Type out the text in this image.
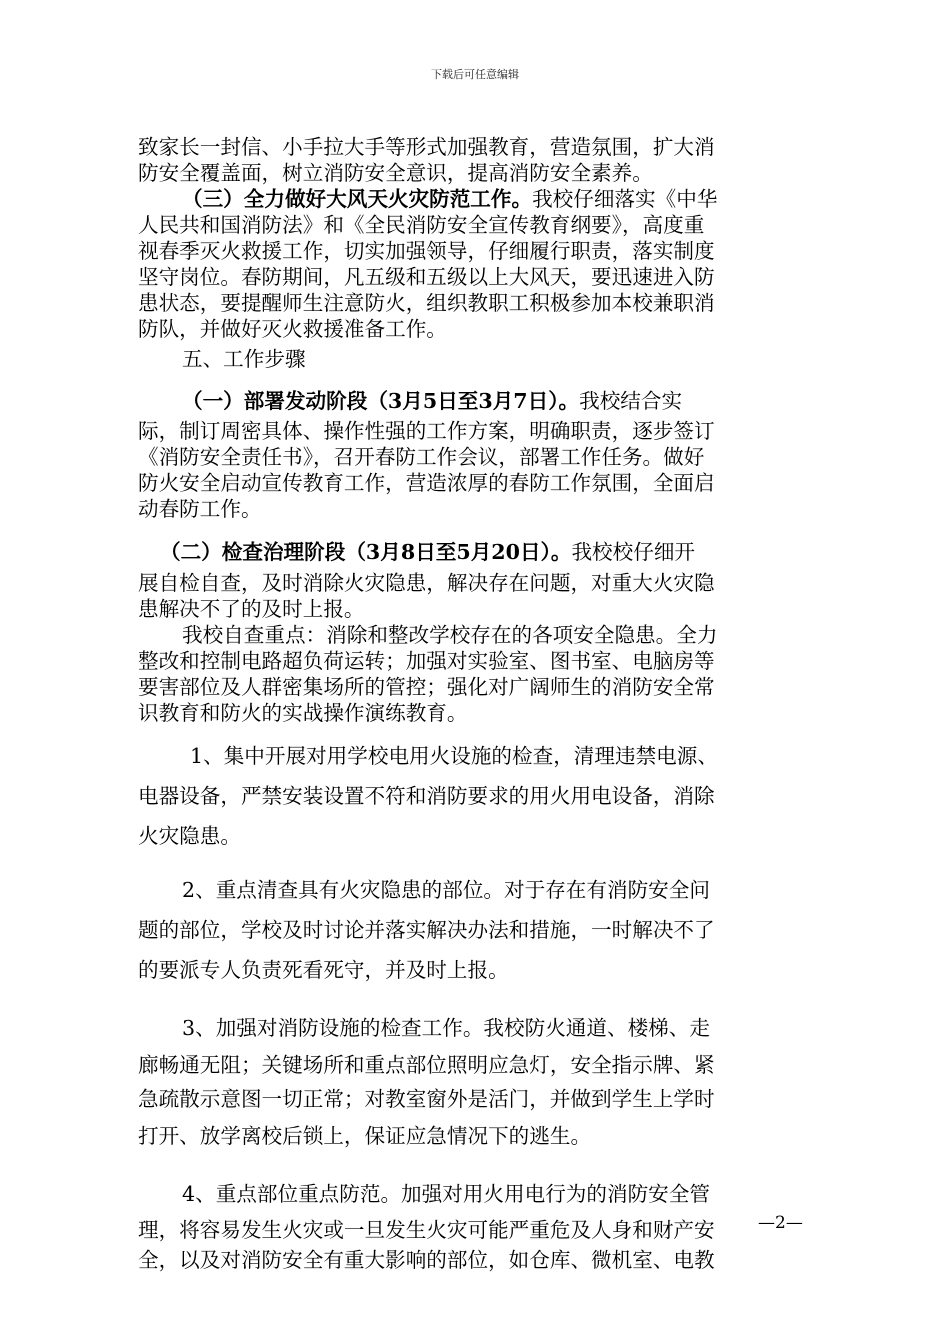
下载后可任意编辑
致家长一封信、小手拉大手等形式加强教育，营造氛围，扩大消
防安全覆盖面，树立消防安全意识，提高消防安全素养。
（三）全力做好大风天火灾防范工作。我校仔细落实《中华
人民共和国消防法》和《全民消防安全宣传教育纲要》，高度重
视春季灭火救援工作，切实加强领导，仔细履行职责，落实制度
坚守岗位。春防期间，凡五级和五级以上大风天，要迅速进入防
患状态，要提醒师生注意防火，组织教职工积极参加本校兼职消
防队，并做好灭火救援准备工作。
五、工作步骤
（一）部署发动阶段（3月5日至3月7日）。我校结合实
际，制订周密具体、操作性强的工作方案，明确职责，逐步签订
《消防安全责任书》，召开春防工作会议，部署工作任务。做好
防火安全启动宣传教育工作，营造浓厚的春防工作氛围，全面启
动春防工作。
（二）检查治理阶段（3月8日至5月20日）。我校校仔细开
展自检自查，及时消除火灾隐患，解决存在问题，对重大火灾隐
患解决不了的及时上报。
我校自查重点：消除和整改学校存在的各项安全隐患。全力
整改和控制电路超负荷运转；加强对实验室、图书室、电脑房等
要害部位及人群密集场所的管控；强化对广阔师生的消防安全常
识教育和防火的实战操作演练教育。
1、集中开展对用学校电用火设施的检查，清理违禁电源、
电器设备，严禁安装设置不符和消防要求的用火用电设备，消除
火灾隐患。
2、重点清查具有火灾隐患的部位。对于存在有消防安全问
题的部位，学校及时讨论并落实解决办法和措施，一时解决不了
的要派专人负责死看死守，并及时上报。
3、加强对消防设施的检查工作。我校防火通道、楼梯、走
廊畅通无阻；关键场所和重点部位照明应急灯，安全指示牌、紧
急疏散示意图一切正常；对教室窗外是活门，并做到学生上学时
打开、放学离校后锁上，保证应急情况下的逃生。
4、重点部位重点防范。加强对用火用电行为的消防安全管
理，将容易发生火灾或一旦发生火灾可能严重危及人身和财产安
全，以及对消防安全有重大影响的部位，如仓库、微机室、电教
—2—
